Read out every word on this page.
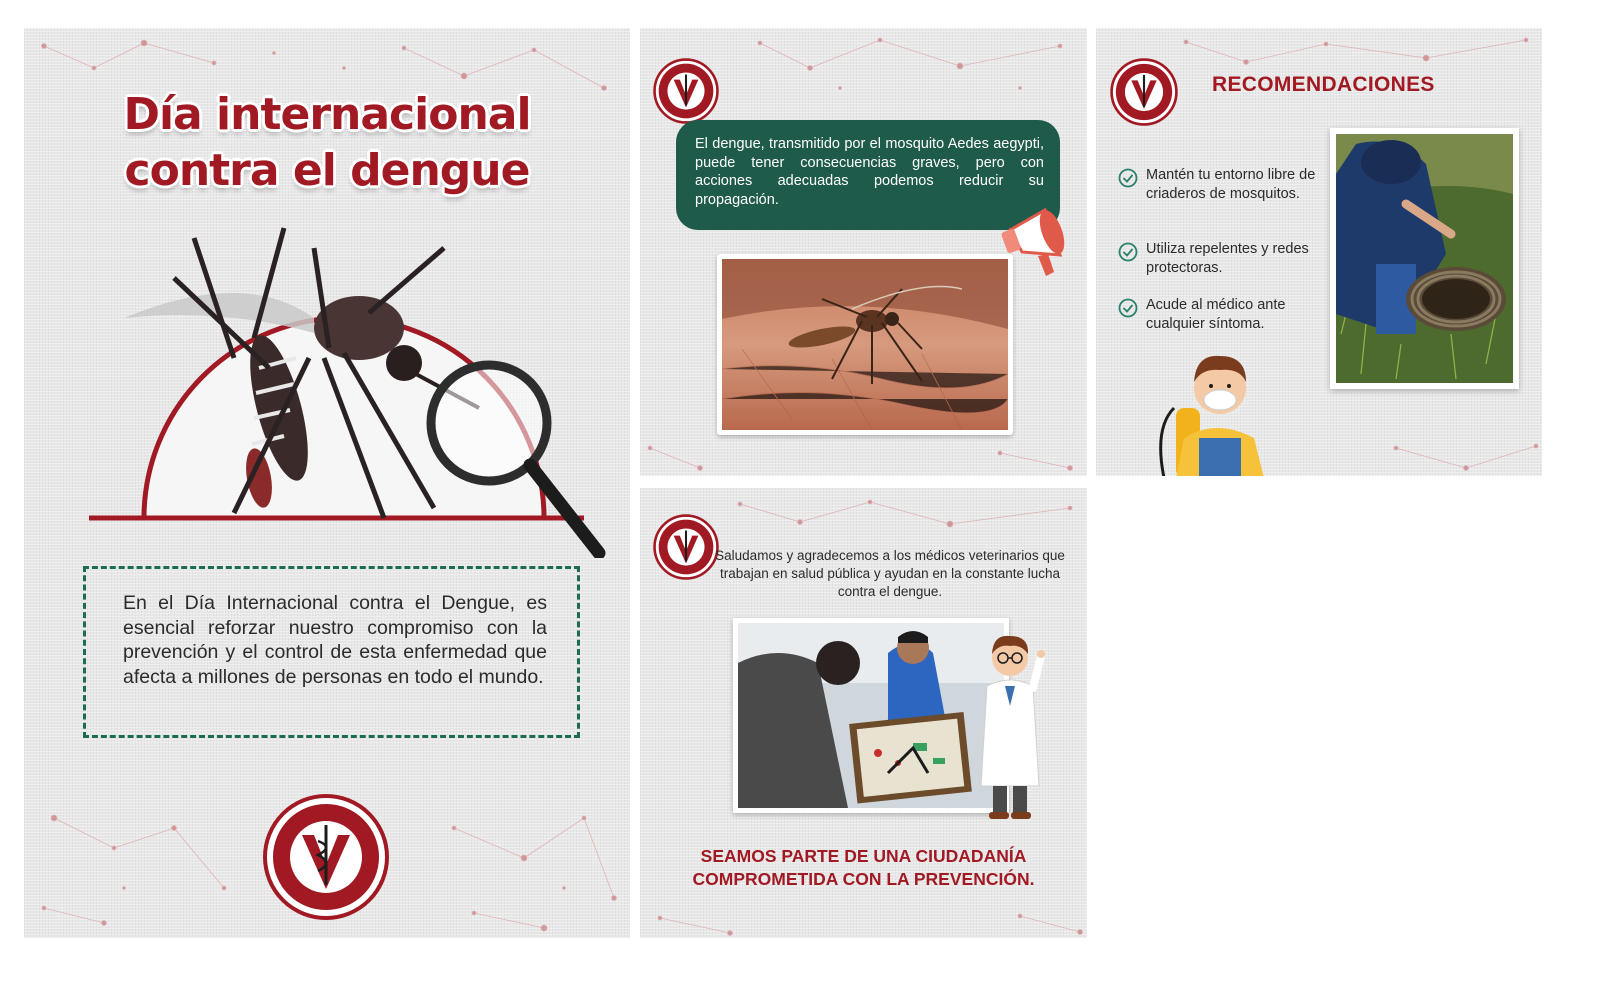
Día internacional
contra el dengue
En el Día Internacional contra el Dengue, es esencial reforzar nuestro compromiso con la prevención y el control de esta enfermedad que afecta a millones de personas en todo el mundo.
El dengue, transmitido por el mosquito Aedes aegypti, puede tener consecuencias graves, pero con acciones adecuadas podemos reducir su propagación.
RECOMENDACIONES
Mantén tu entorno libre de criaderos de mosquitos.
Utiliza repelentes y redes protectoras.
Acude al médico ante cualquier síntoma.
Saludamos y agradecemos a los médicos veterinarios que trabajan en salud pública y ayudan en la constante lucha contra el dengue.
SEAMOS PARTE DE UNA CIUDADANÍA
COMPROMETIDA CON LA PREVENCIÓN.
